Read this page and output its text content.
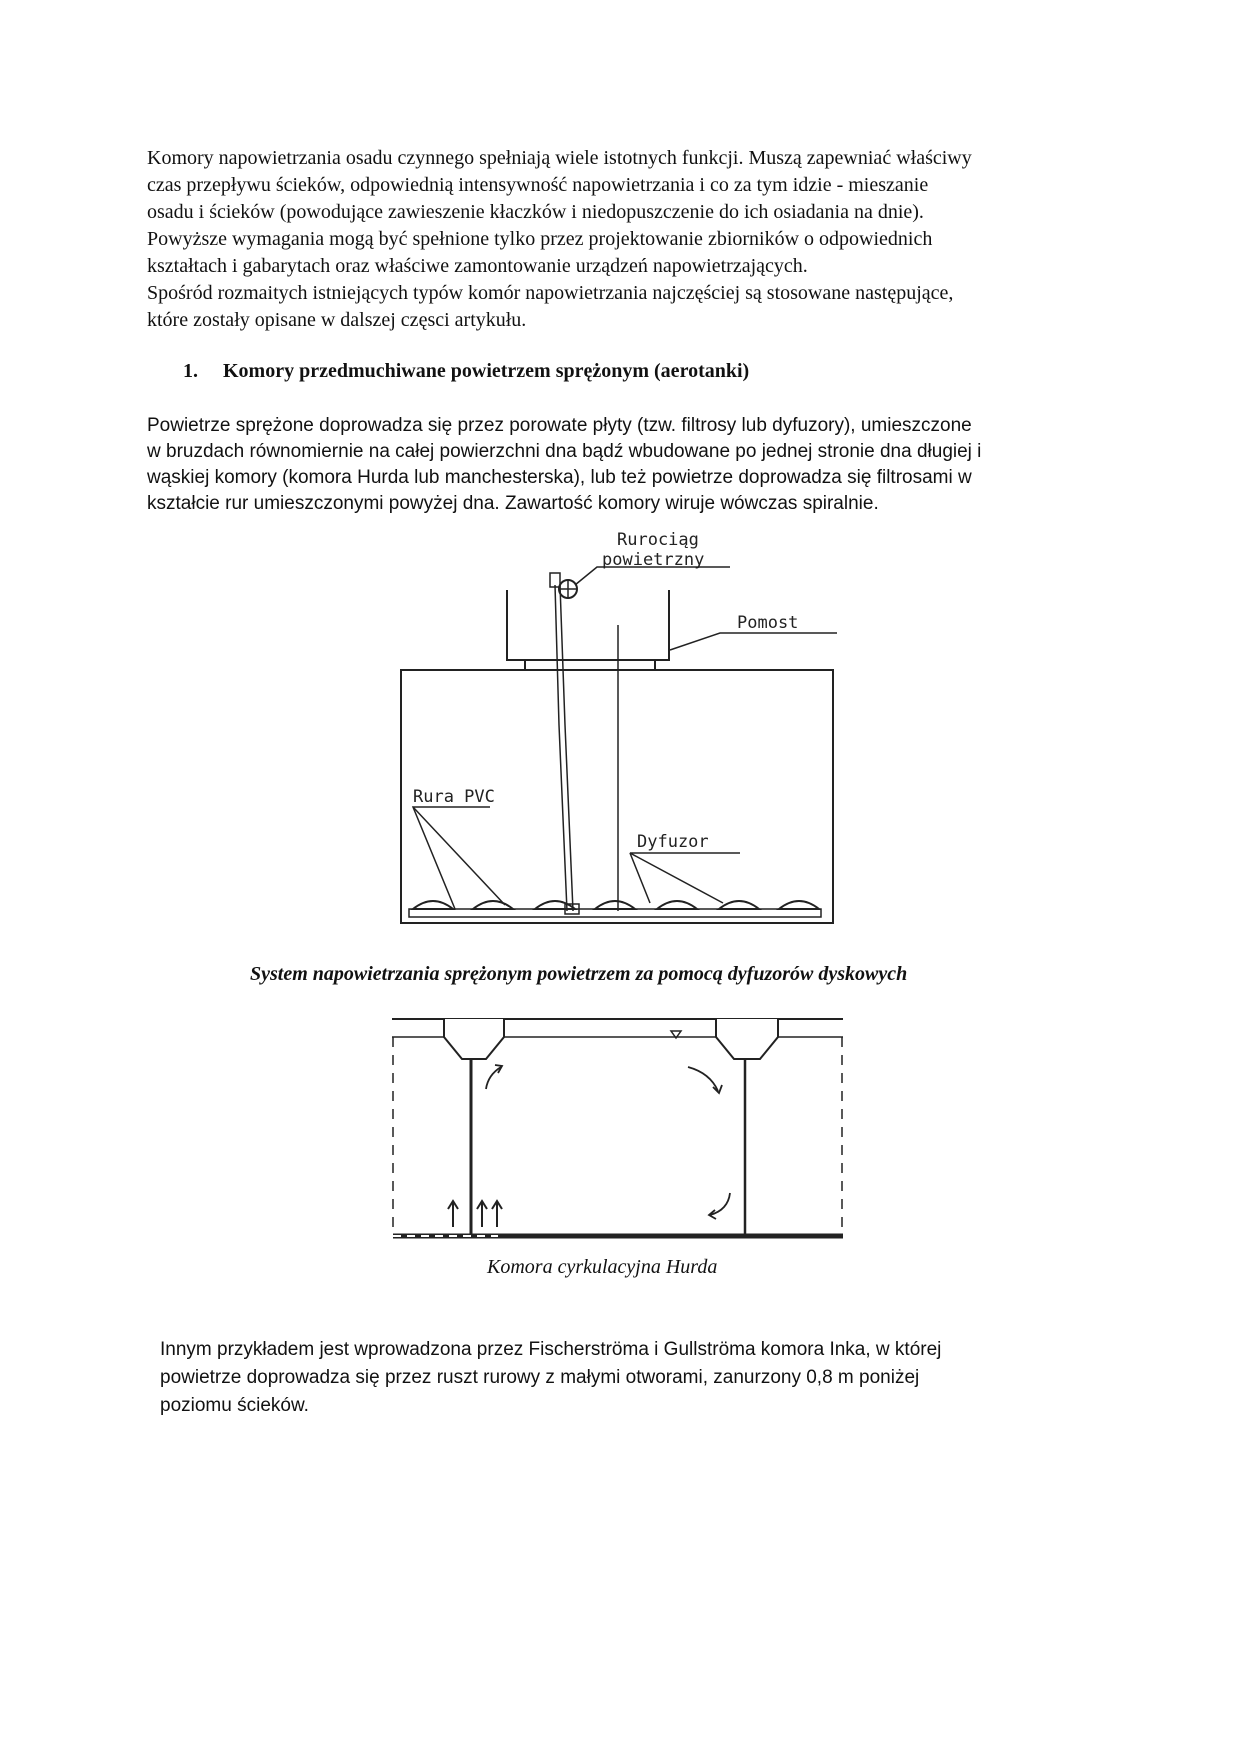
Komory napowietrzania osadu czynnego spełniają wiele istotnych funkcji. Muszą zapewniać właściwy
czas przepływu ścieków, odpowiednią intensywność napowietrzania i co za tym idzie - mieszanie
osadu i ścieków (powodujące zawieszenie kłaczków i niedopuszczenie do ich osiadania na dnie).
Powyższe wymagania mogą być spełnione tylko przez projektowanie zbiorników o odpowiednich
kształtach i gabarytach oraz właściwe zamontowanie urządzeń napowietrzających.
Spośród rozmaitych istniejących typów komór napowietrzania najczęściej są stosowane następujące,
które zostały opisane w dalszej częsci artykułu.
1. Komory przedmuchiwane powietrzem sprężonym (aerotanki)
Powietrze sprężone doprowadza się przez porowate płyty (tzw. filtrosy lub dyfuzory), umieszczone
w bruzdach równomiernie na całej powierzchni dna bądź wbudowane po jednej stronie dna długiej i
wąskiej komory (komora Hurda lub manchesterska), lub też powietrze doprowadza się filtrosami w
kształcie rur umieszczonymi powyżej dna. Zawartość komory wiruje wówczas spiralnie.
Rurociąg
powietrzny
Pomost
Rura PVC
Dyfuzor
System napowietrzania sprężonym powietrzem za pomocą dyfuzorów dyskowych
Komora cyrkulacyjna Hurda
Innym przykładem jest wprowadzona przez Fischerströma i Gullströma komora Inka, w której
powietrze doprowadza się przez ruszt rurowy z małymi otworami, zanurzony 0,8 m poniżej
poziomu ścieków.
